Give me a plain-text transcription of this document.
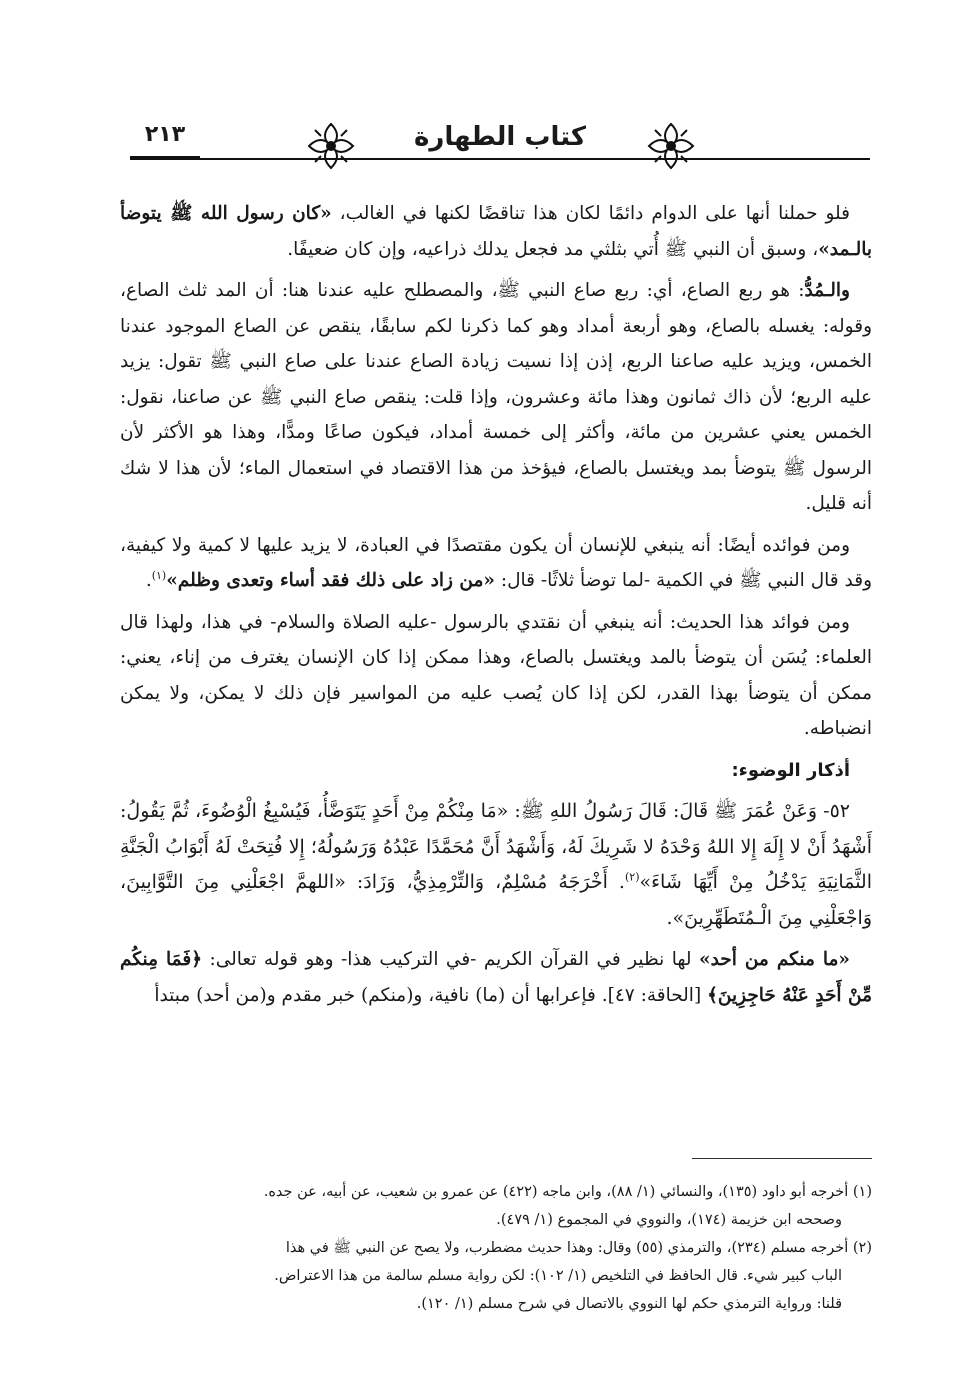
٢١٣	كتاب الطهارة

فلو حملنا أنها على الدوام دائمًا لكان هذا تناقضًا لكنها في الغالب، «كان رسول الله ﷺ يتوضأ بالـمد»، وسبق أن النبي ﷺ أُتي بثلثي مد فجعل يدلك ذراعيه، وإن كان ضعيفًا.

والـمُدُّ: هو ربع الصاع، أي: ربع صاع النبي ﷺ، والمصطلح عليه عندنا هنا: أن المد ثلث الصاع، وقوله: يغسله بالصاع، وهو أربعة أمداد وهو كما ذكرنا لكم سابقًا، ينقص عن الصاع الموجود عندنا الخمس، ويزيد عليه صاعنا الربع، إذن إذا نسيت زيادة الصاع عندنا على صاع النبي ﷺ تقول: يزيد عليه الربع؛ لأن ذاك ثمانون وهذا مائة وعشرون، وإذا قلت: ينقص صاع النبي ﷺ عن صاعنا، نقول: الخمس يعني عشرين من مائة، وأكثر إلى خمسة أمداد، فيكون صاعًا ومدًّا، وهذا هو الأكثر لأن الرسول ﷺ يتوضأ بمد ويغتسل بالصاع، فيؤخذ من هذا الاقتصاد في استعمال الماء؛ لأن هذا لا شك أنه قليل.

ومن فوائده أيضًا: أنه ينبغي للإنسان أن يكون مقتصدًا في العبادة، لا يزيد عليها لا كمية ولا كيفية، وقد قال النبي ﷺ في الكمية -لما توضأ ثلاثًا- قال: «من زاد على ذلك فقد أساء وتعدى وظلم»$^{(١)}$.

ومن فوائد هذا الحديث: أنه ينبغي أن نقتدي بالرسول -عليه الصلاة والسلام- في هذا، ولهذا قال العلماء: يُسَن أن يتوضأ بالمد ويغتسل بالصاع، وهذا ممكن إذا كان الإنسان يغترف من إناء، يعني: ممكن أن يتوضأ بهذا القدر، لكن إذا كان يُصب عليه من المواسير فإن ذلك لا يمكن، ولا يمكن انضباطه.

أذكار الوضوء:

٥٢- وَعَنْ عُمَرَ ﷺ قَالَ: قَالَ رَسُولُ اللهِ ﷺ: «مَا مِنْكُمْ مِنْ أَحَدٍ يَتَوَضَّأُ، فَيُسْبِغُ الْوُضُوءَ، ثُمَّ يَقُولُ: أَشْهَدُ أَنْ لا إِلَهَ إِلا اللهُ وَحْدَهُ لا شَرِيكَ لَهُ، وَأَشْهَدُ أَنَّ مُحَمَّدًا عَبْدُهُ وَرَسُولُهُ؛ إِلا فُتِحَتْ لَهُ أَبْوَابُ الْجَنَّةِ الثَّمَانِيَةِ يَدْخُلُ مِنْ أَيِّهَا شَاءَ»$^{(٢)}$. أَخْرَجَهُ مُسْلِمٌ، وَالتِّرْمِذِيُّ، وَزَادَ: «اللهمَّ اجْعَلْنِي مِنَ التَّوَّابِينَ، وَاجْعَلْنِي مِنَ الْـمُتَطَهِّرِينَ».

«ما منكم من أحد» لها نظير في القرآن الكريم -في التركيب هذا- وهو قوله تعالى: ﴿فَمَا مِنكُم مِّنْ أَحَدٍ عَنْهُ حَاجِزِينَ﴾ [الحاقة: ٤٧]. فإعرابها أن (ما) نافية، و(منكم) خبر مقدم و(من أحد) مبتدأ

(١) أخرجه أبو داود (١٣٥)، والنسائي (١/ ٨٨)، وابن ماجه (٤٢٢) عن عمرو بن شعيب، عن أبيه، عن جده.

وصححه ابن خزيمة (١٧٤)، والنووي في المجموع (١/ ٤٧٩).

(٢) أخرجه مسلم (٢٣٤)، والترمذي (٥٥) وقال: وهذا حديث مضطرب، ولا يصح عن النبي ﷺ في هذا

الباب كبير شيء. قال الحافظ في التلخيص (١/ ١٠٢): لكن رواية مسلم سالمة من هذا الاعتراض.

قلنا: ورواية الترمذي حكم لها النووي بالاتصال في شرح مسلم (١/ ١٢٠).
